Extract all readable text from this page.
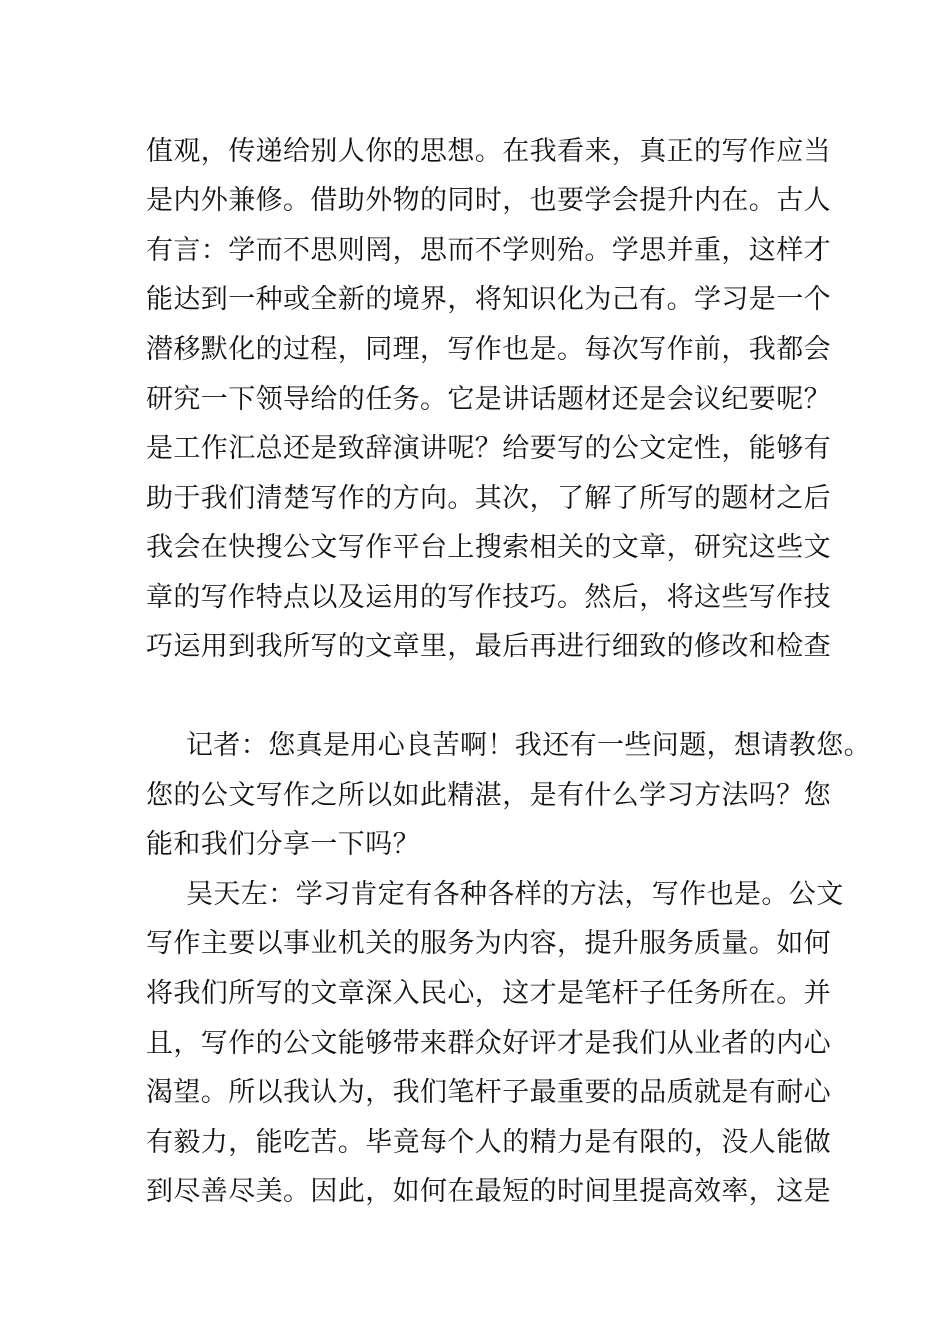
值观，传递给别人你的思想。在我看来，真正的写作应当
是内外兼修。借助外物的同时，也要学会提升内在。古人
有言：学而不思则罔，思而不学则殆。学思并重，这样才
能达到一种或全新的境界，将知识化为己有。学习是一个
潜移默化的过程，同理，写作也是。每次写作前，我都会
研究一下领导给的任务。它是讲话题材还是会议纪要呢？
是工作汇总还是致辞演讲呢？给要写的公文定性，能够有
助于我们清楚写作的方向。其次，了解了所写的题材之后
我会在快搜公文写作平台上搜索相关的文章，研究这些文
章的写作特点以及运用的写作技巧。然后，将这些写作技
巧运用到我所写的文章里，最后再进行细致的修改和检查
记者：您真是用心良苦啊！我还有一些问题，想请教您。
您的公文写作之所以如此精湛，是有什么学习方法吗？您
能和我们分享一下吗？
吴天左：学习肯定有各种各样的方法，写作也是。公文
写作主要以事业机关的服务为内容，提升服务质量。如何
将我们所写的文章深入民心，这才是笔杆子任务所在。并
且，写作的公文能够带来群众好评才是我们从业者的内心
渴望。所以我认为，我们笔杆子最重要的品质就是有耐心
有毅力，能吃苦。毕竟每个人的精力是有限的，没人能做
到尽善尽美。因此，如何在最短的时间里提高效率，这是
